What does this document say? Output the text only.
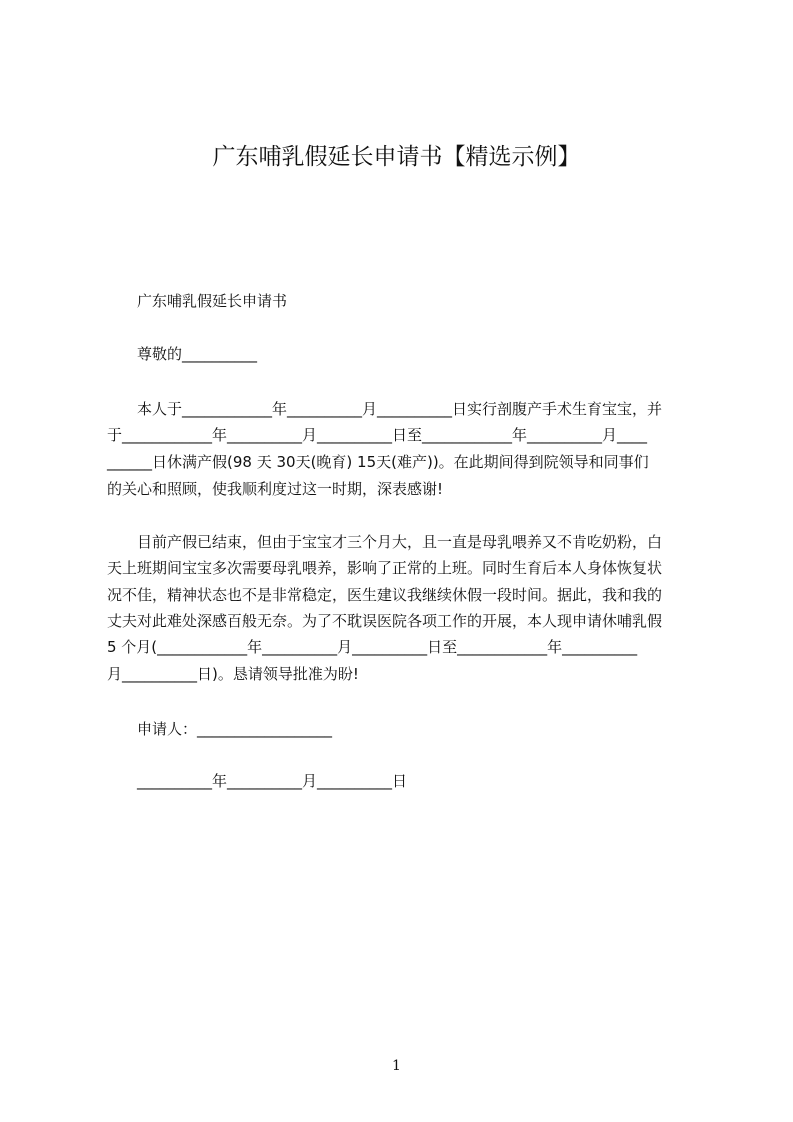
广东哺乳假延长申请书【精选示例】
广东哺乳假延长申请书
尊敬的__________
本人于____________年__________月__________日实行剖腹产手术生育宝宝，并
于____________年__________月__________日至____________年__________月____
______日休满产假(98 天 30天(晚育) 15天(难产))。在此期间得到院领导和同事们
的关心和照顾，使我顺利度过这一时期，深表感谢!
目前产假已结束，但由于宝宝才三个月大，且一直是母乳喂养又不肯吃奶粉，白
天上班期间宝宝多次需要母乳喂养，影响了正常的上班。同时生育后本人身体恢复状
况不佳，精神状态也不是非常稳定，医生建议我继续休假一段时间。据此，我和我的
丈夫对此难处深感百般无奈。为了不耽误医院各项工作的开展，本人现申请休哺乳假
5 个月(____________年__________月__________日至____________年__________
月__________日)。恳请领导批准为盼!
申请人：__________________
__________年__________月__________日
1
